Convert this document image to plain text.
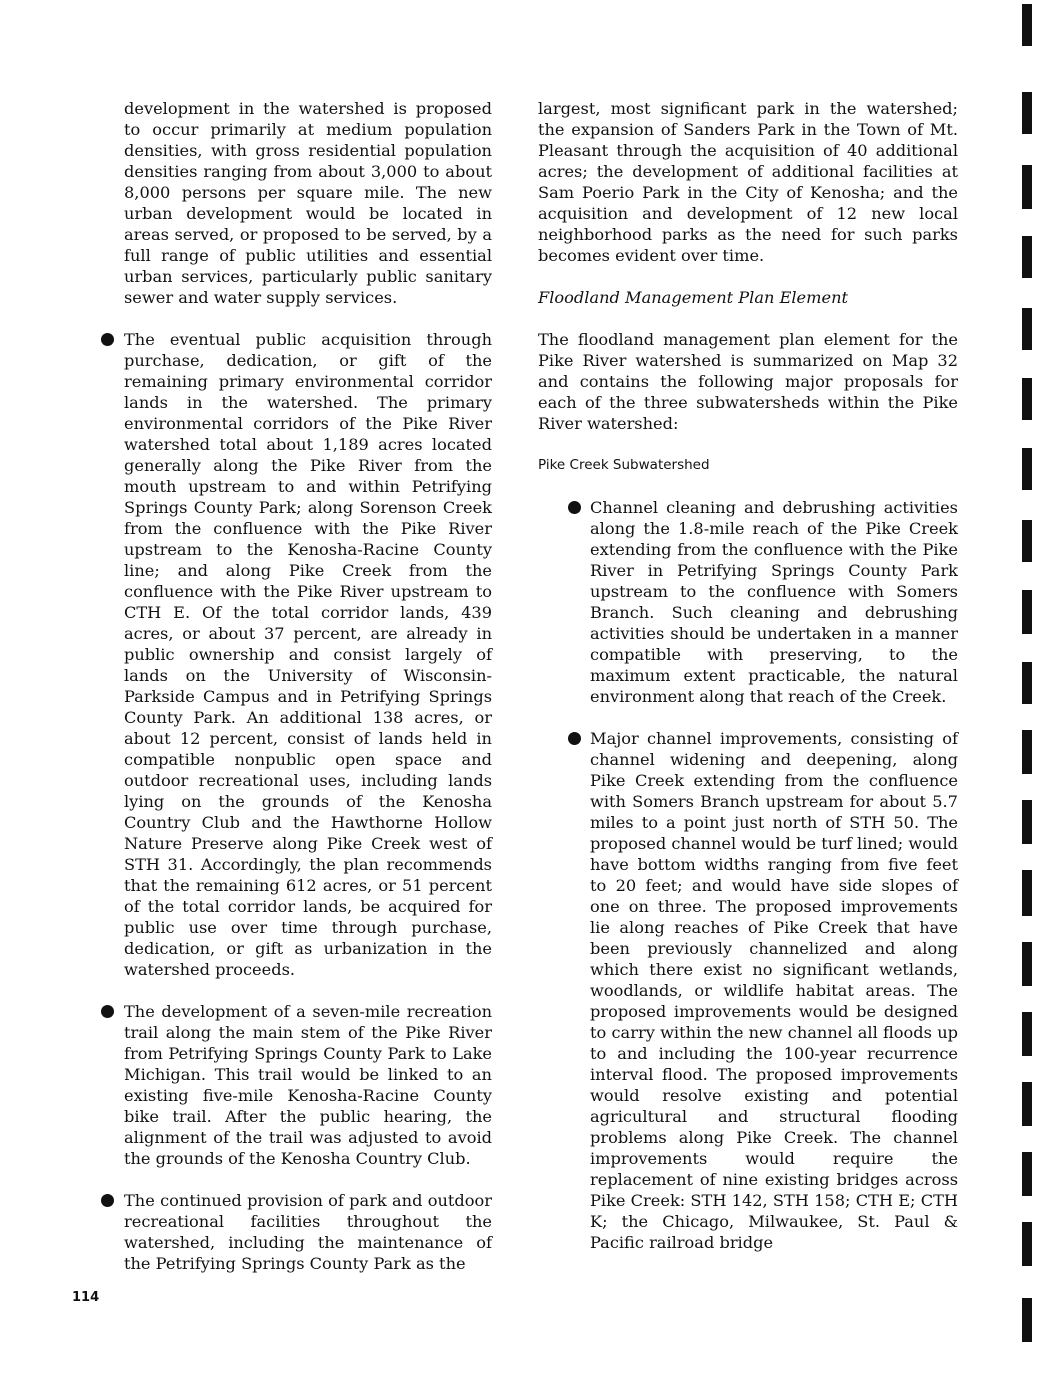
development in the watershed is proposed to occur primarily at medium population densities, with gross residential population densities ranging from about 3,000 to about 8,000 persons per square mile. The new urban development would be located in areas served, or proposed to be served, by a full range of public utilities and essential urban services, particularly public sanitary sewer and water supply services.

The eventual public acquisition through purchase, dedication, or gift of the remaining primary environmental corridor lands in the watershed. The primary environmental corridors of the Pike River watershed total about 1,189 acres located generally along the Pike River from the mouth upstream to and within Petrifying Springs County Park; along Sorenson Creek from the confluence with the Pike River upstream to the Kenosha-Racine County line; and along Pike Creek from the confluence with the Pike River upstream to CTH E. Of the total corridor lands, 439 acres, or about 37 percent, are already in public ownership and consist largely of lands on the University of Wisconsin-Parkside Campus and in Petrifying Springs County Park. An additional 138 acres, or about 12 percent, consist of lands held in compatible nonpublic open space and outdoor recreational uses, including lands lying on the grounds of the Kenosha Country Club and the Hawthorne Hollow Nature Preserve along Pike Creek west of STH 31. Accordingly, the plan recommends that the remaining 612 acres, or 51 percent of the total corridor lands, be acquired for public use over time through purchase, dedication, or gift as urbanization in the watershed proceeds.
The development of a seven-mile recreation trail along the main stem of the Pike River from Petrifying Springs County Park to Lake Michigan. This trail would be linked to an existing five-mile Kenosha-Racine County bike trail. After the public hearing, the alignment of the trail was adjusted to avoid the grounds of the Kenosha Country Club.
The continued provision of park and outdoor recreational facilities throughout the watershed, including the maintenance of the Petrifying Springs County Park as the

largest, most significant park in the watershed; the expansion of Sanders Park in the Town of Mt. Pleasant through the acquisition of 40 additional acres; the development of additional facilities at Sam Poerio Park in the City of Kenosha; and the acquisition and development of 12 new local neighborhood parks as the need for such parks becomes evident over time.

Floodland Management Plan Element

The floodland management plan element for the Pike River watershed is summarized on Map 32 and contains the following major proposals for each of the three subwatersheds within the Pike River watershed:

Pike Creek Subwatershed
Channel cleaning and debrushing activities along the 1.8-mile reach of the Pike Creek extending from the confluence with the Pike River in Petrifying Springs County Park upstream to the confluence with Somers Branch. Such cleaning and debrushing activities should be undertaken in a manner compatible with preserving, to the maximum extent practicable, the natural environment along that reach of the Creek.
Major channel improvements, consisting of channel widening and deepening, along Pike Creek extending from the confluence with Somers Branch upstream for about 5.7 miles to a point just north of STH 50. The proposed channel would be turf lined; would have bottom widths ranging from five feet to 20 feet; and would have side slopes of one on three. The proposed improvements lie along reaches of Pike Creek that have been previously channelized and along which there exist no significant wetlands, woodlands, or wildlife habitat areas. The proposed improvements would be designed to carry within the new channel all floods up to and including the 100-year recurrence interval flood. The proposed improvements would resolve existing and potential agricultural and structural flooding problems along Pike Creek. The channel improvements would require the replacement of nine existing bridges across Pike Creek: STH 142, STH 158; CTH E; CTH K; the Chicago, Milwaukee, St. Paul & Pacific railroad bridge
114
